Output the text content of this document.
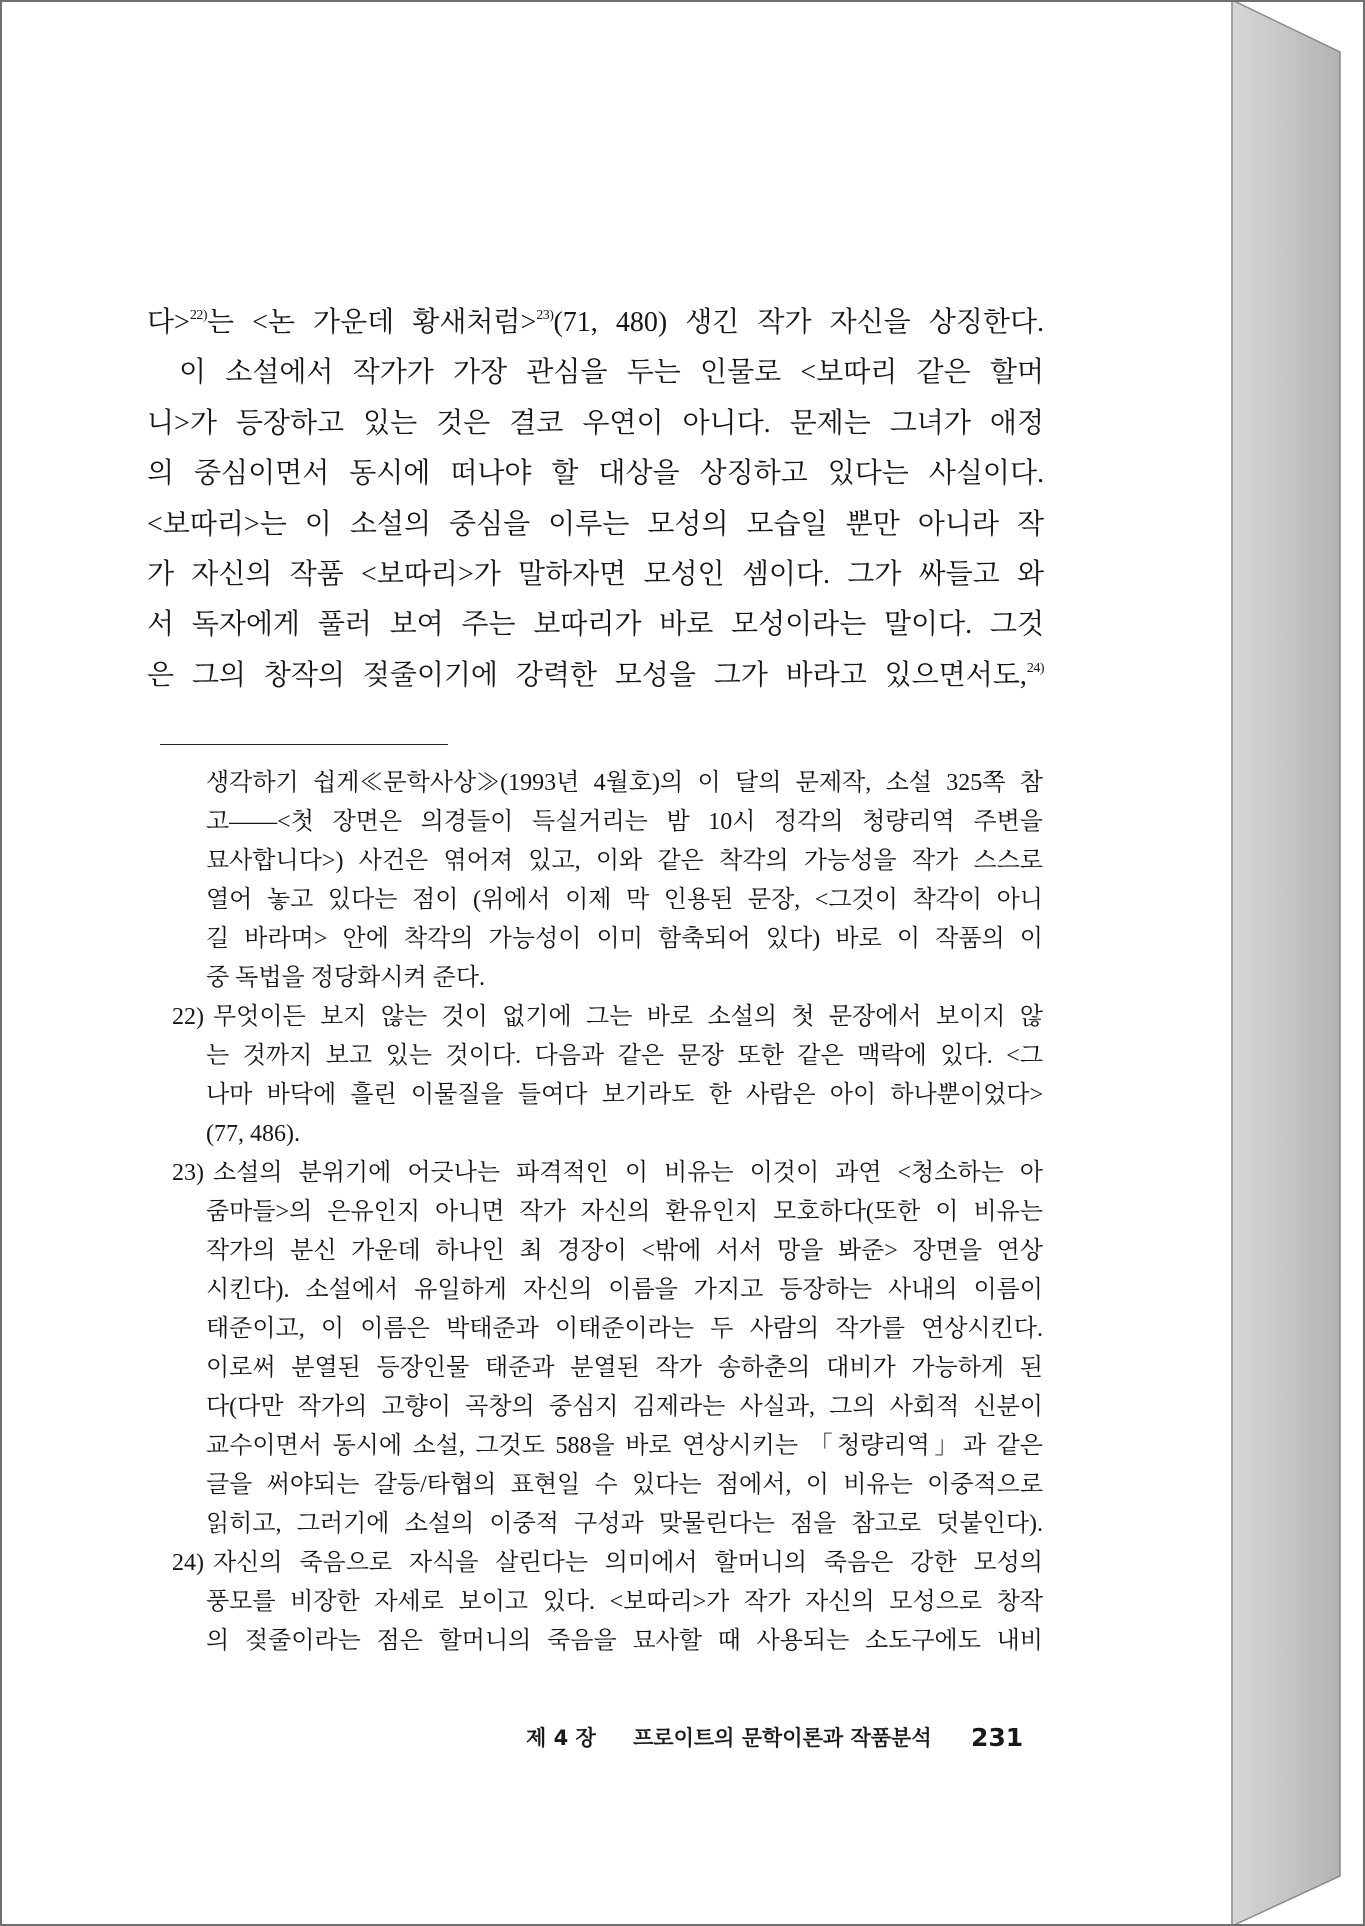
다>$^{22)}$는 <논 가운데 황새처럼>$^{23)}$(71, 480) 생긴 작가 자신을 상징한다.
이 소설에서 작가가 가장 관심을 두는 인물로 <보따리 같은 할머
니>가 등장하고 있는 것은 결코 우연이 아니다. 문제는 그녀가 애정
의 중심이면서 동시에 떠나야 할 대상을 상징하고 있다는 사실이다.
<보따리>는 이 소설의 중심을 이루는 모성의 모습일 뿐만 아니라 작
가 자신의 작품 <보따리>가 말하자면 모성인 셈이다. 그가 싸들고 와
서 독자에게 풀러 보여 주는 보따리가 바로 모성이라는 말이다. 그것
은 그의 창작의 젖줄이기에 강력한 모성을 그가 바라고 있으면서도,$^{24)}$
생각하기 쉽게≪문학사상≫(1993년 4월호)의 이 달의 문제작, 소설 325쪽 참
고――<첫 장면은 의경들이 득실거리는 밤 10시 정각의 청량리역 주변을
묘사합니다>) 사건은 엮어져 있고, 이와 같은 착각의 가능성을 작가 스스로
열어 놓고 있다는 점이 (위에서 이제 막 인용된 문장, <그것이 착각이 아니
길 바라며> 안에 착각의 가능성이 이미 함축되어 있다) 바로 이 작품의 이
중 독법을 정당화시켜 준다.
22) 무엇이든 보지 않는 것이 없기에 그는 바로 소설의 첫 문장에서 보이지 않
는 것까지 보고 있는 것이다. 다음과 같은 문장 또한 같은 맥락에 있다. <그
나마 바닥에 흘린 이물질을 들여다 보기라도 한 사람은 아이 하나뿐이었다>
(77, 486).
23) 소설의 분위기에 어긋나는 파격적인 이 비유는 이것이 과연 <청소하는 아
줌마들>의 은유인지 아니면 작가 자신의 환유인지 모호하다(또한 이 비유는
작가의 분신 가운데 하나인 최 경장이 <밖에 서서 망을 봐준> 장면을 연상
시킨다). 소설에서 유일하게 자신의 이름을 가지고 등장하는 사내의 이름이
태준이고, 이 이름은 박태준과 이태준이라는 두 사람의 작가를 연상시킨다.
이로써 분열된 등장인물 태준과 분열된 작가 송하춘의 대비가 가능하게 된
다(다만 작가의 고향이 곡창의 중심지 김제라는 사실과, 그의 사회적 신분이
교수이면서 동시에 소설, 그것도 588을 바로 연상시키는 「청량리역」과 같은
글을 써야되는 갈등/타협의 표현일 수 있다는 점에서, 이 비유는 이중적으로
읽히고, 그러기에 소설의 이중적 구성과 맞물린다는 점을 참고로 덧붙인다).
24) 자신의 죽음으로 자식을 살린다는 의미에서 할머니의 죽음은 강한 모성의
풍모를 비장한 자세로 보이고 있다. <보따리>가 작가 자신의 모성으로 창작
의 젖줄이라는 점은 할머니의 죽음을 묘사할 때 사용되는 소도구에도 내비
제 4 장 프로이트의 문학이론과 작품분석 231
